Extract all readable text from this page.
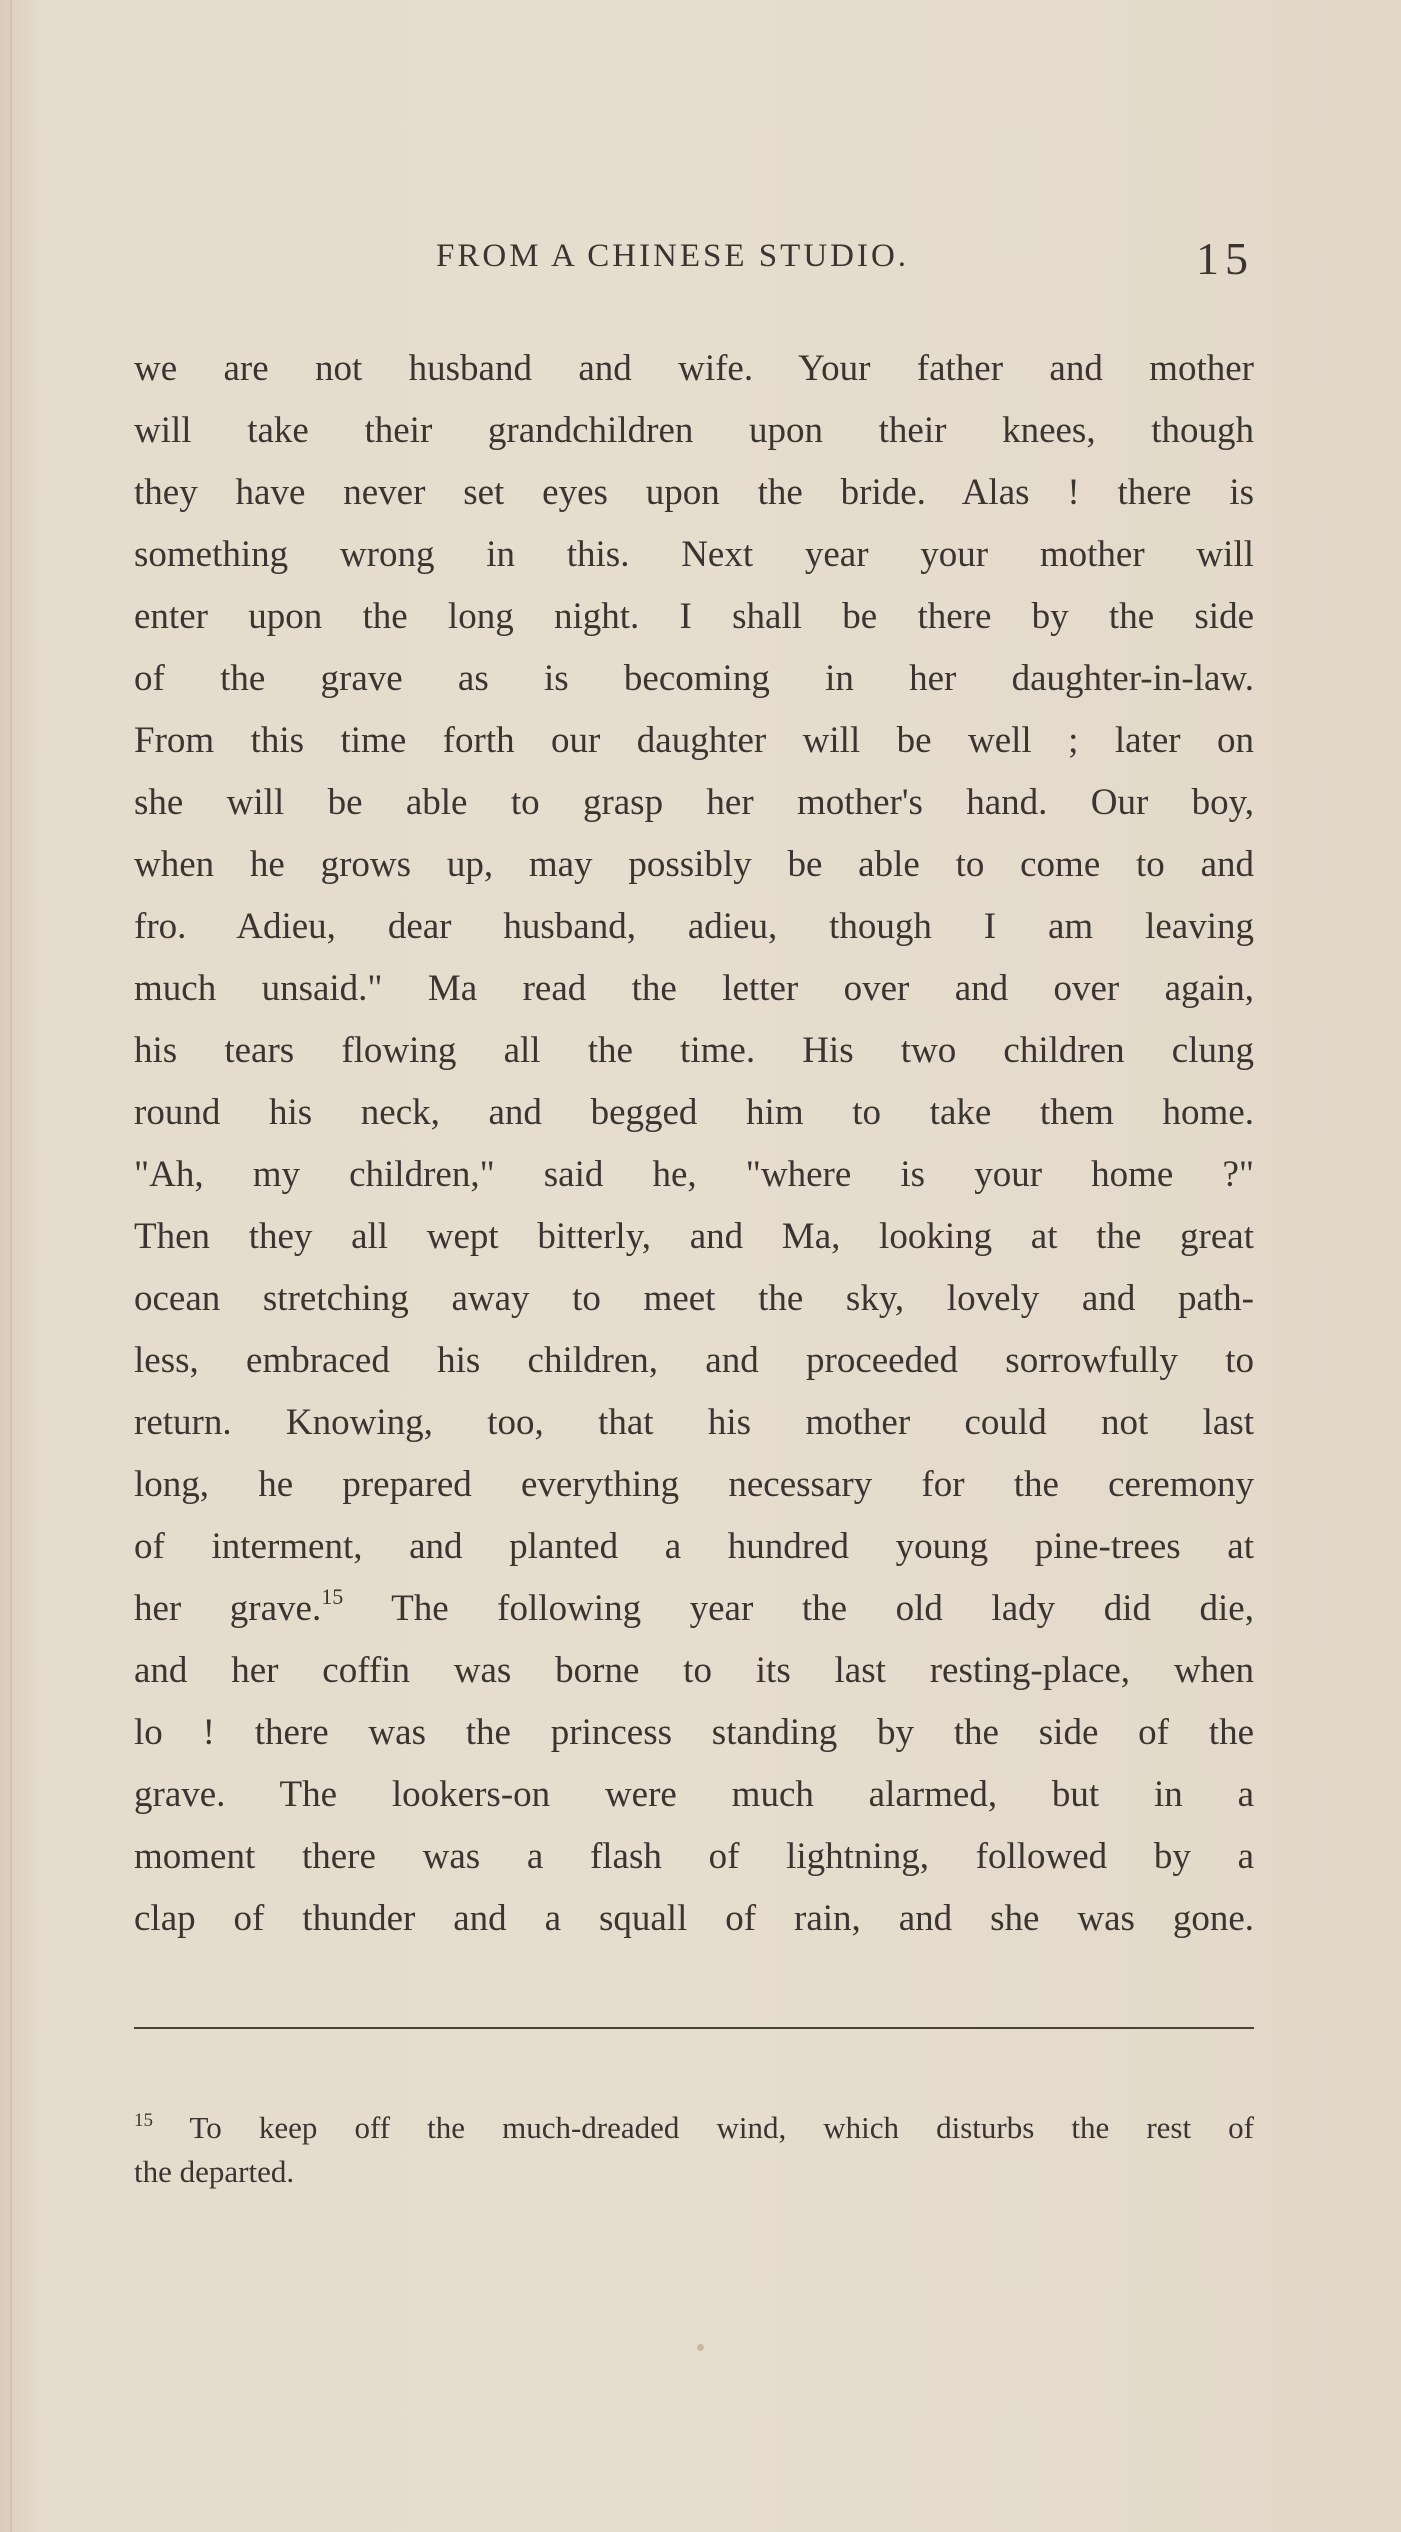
FROM A CHINESE STUDIO.	15
we are not husband and wife. Your father and mother
will take their grandchildren upon their knees, though
they have never set eyes upon the bride. Alas ! there is
something wrong in this. Next year your mother will
enter upon the long night. I shall be there by the side
of the grave as is becoming in her daughter-in-law.
From this time forth our daughter will be well ; later on
she will be able to grasp her mother's hand. Our boy,
when he grows up, may possibly be able to come to and
fro. Adieu, dear husband, adieu, though I am leaving
much unsaid." Ma read the letter over and over again,
his tears flowing all the time. His two children clung
round his neck, and begged him to take them home.
"Ah, my children," said he, "where is your home ?"
Then they all wept bitterly, and Ma, looking at the great
ocean stretching away to meet the sky, lovely and path-
less, embraced his children, and proceeded sorrowfully to
return. Knowing, too, that his mother could not last
long, he prepared everything necessary for the ceremony
of interment, and planted a hundred young pine-trees at
her grave.$^{15}$ The following year the old lady did die,
and her coffin was borne to its last resting-place, when
lo ! there was the princess standing by the side of the
grave. The lookers-on were much alarmed, but in a
moment there was a flash of lightning, followed by a
clap of thunder and a squall of rain, and she was gone.
$^{15}$ To keep off the much-dreaded wind, which disturbs the rest of
the departed.
